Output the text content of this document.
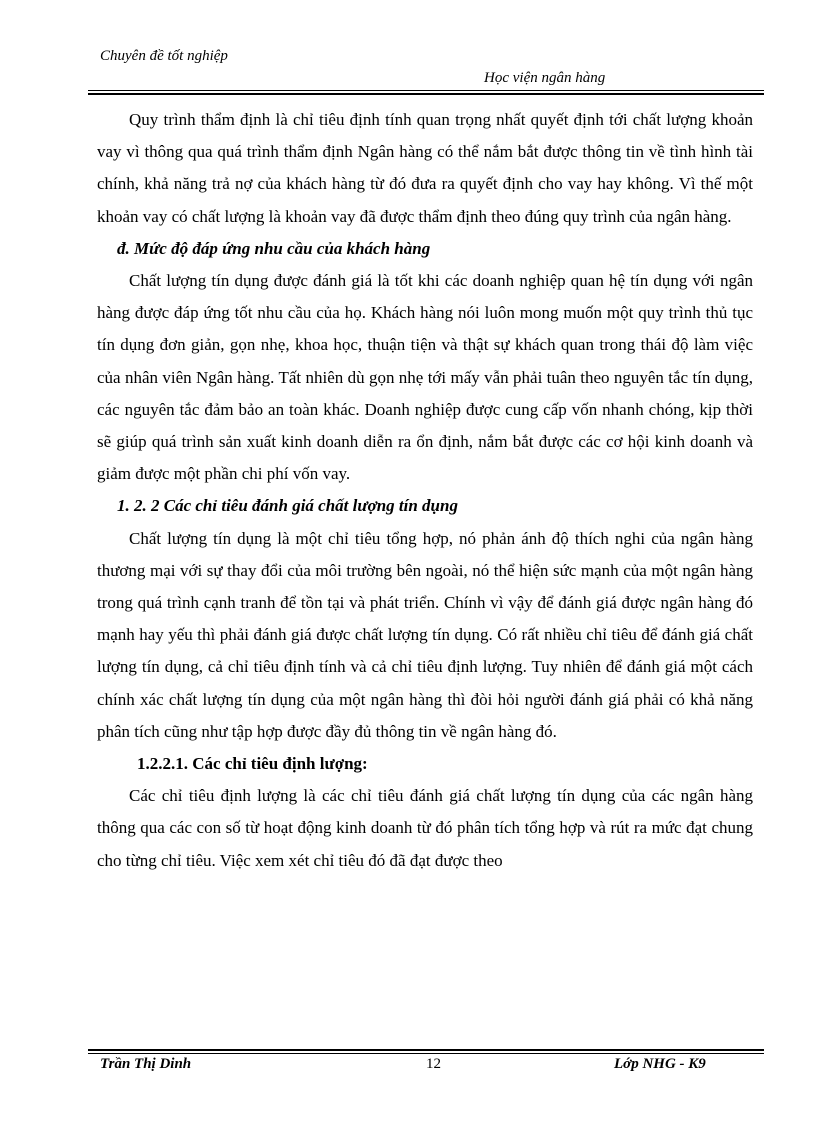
Chuyên đề tốt nghiệp
Học viện ngân hàng

Quy trình thẩm định là chỉ tiêu định tính quan trọng nhất quyết định tới chất lượng khoản vay vì thông qua quá trình thẩm định Ngân hàng có thể nắm bắt được thông tin về tình hình tài chính, khả năng trả nợ của khách hàng từ đó đưa ra quyết định cho vay hay không. Vì thế một khoản vay có chất lượng là khoản vay đã được thẩm định theo đúng quy trình của ngân hàng.

đ. Mức độ đáp ứng nhu cầu của khách hàng

Chất lượng tín dụng được đánh giá là tốt khi các doanh nghiệp quan hệ tín dụng với ngân hàng được đáp ứng tốt nhu cầu của họ. Khách hàng nói luôn mong muốn một quy trình thủ tục tín dụng đơn giản, gọn nhẹ, khoa học, thuận tiện và thật sự khách quan trong thái độ làm việc của nhân viên Ngân hàng. Tất nhiên dù gọn nhẹ tới mấy vẫn phải tuân theo nguyên tắc tín dụng, các nguyên tắc đảm bảo an toàn khác. Doanh nghiệp được cung cấp vốn nhanh chóng, kịp thời sẽ giúp quá trình sản xuất kinh doanh diễn ra ổn định, nắm bắt được các cơ hội kinh doanh và giảm được một phần chi phí vốn vay.

1. 2. 2 Các chỉ tiêu đánh giá chất lượng tín dụng

Chất lượng tín dụng là một chỉ tiêu tổng hợp, nó phản ánh độ thích nghi của ngân hàng thương mại với sự thay đổi của môi trường bên ngoài, nó thể hiện sức mạnh của một ngân hàng trong quá trình cạnh tranh để tồn tại và phát triển. Chính vì vậy để đánh giá được ngân hàng đó mạnh hay yếu thì phải đánh giá được chất lượng tín dụng. Có rất nhiều chỉ tiêu để đánh giá chất lượng tín dụng, cả chỉ tiêu định tính và cả chỉ tiêu định lượng. Tuy nhiên để đánh giá một cách chính xác chất lượng tín dụng của một ngân hàng thì đòi hỏi người đánh giá phải có khả năng phân tích cũng như tập hợp được đầy đủ thông tin về ngân hàng đó.

1.2.2.1. Các chỉ tiêu định lượng:

Các chỉ tiêu định lượng là các chỉ tiêu đánh giá chất lượng tín dụng của các ngân hàng thông qua các con số từ hoạt động kinh doanh từ đó phân tích tổng hợp và rút ra mức đạt chung cho từng chỉ tiêu. Việc xem xét chỉ tiêu đó đã đạt được theo

Trần Thị Dinh	12	Lớp NHG - K9
